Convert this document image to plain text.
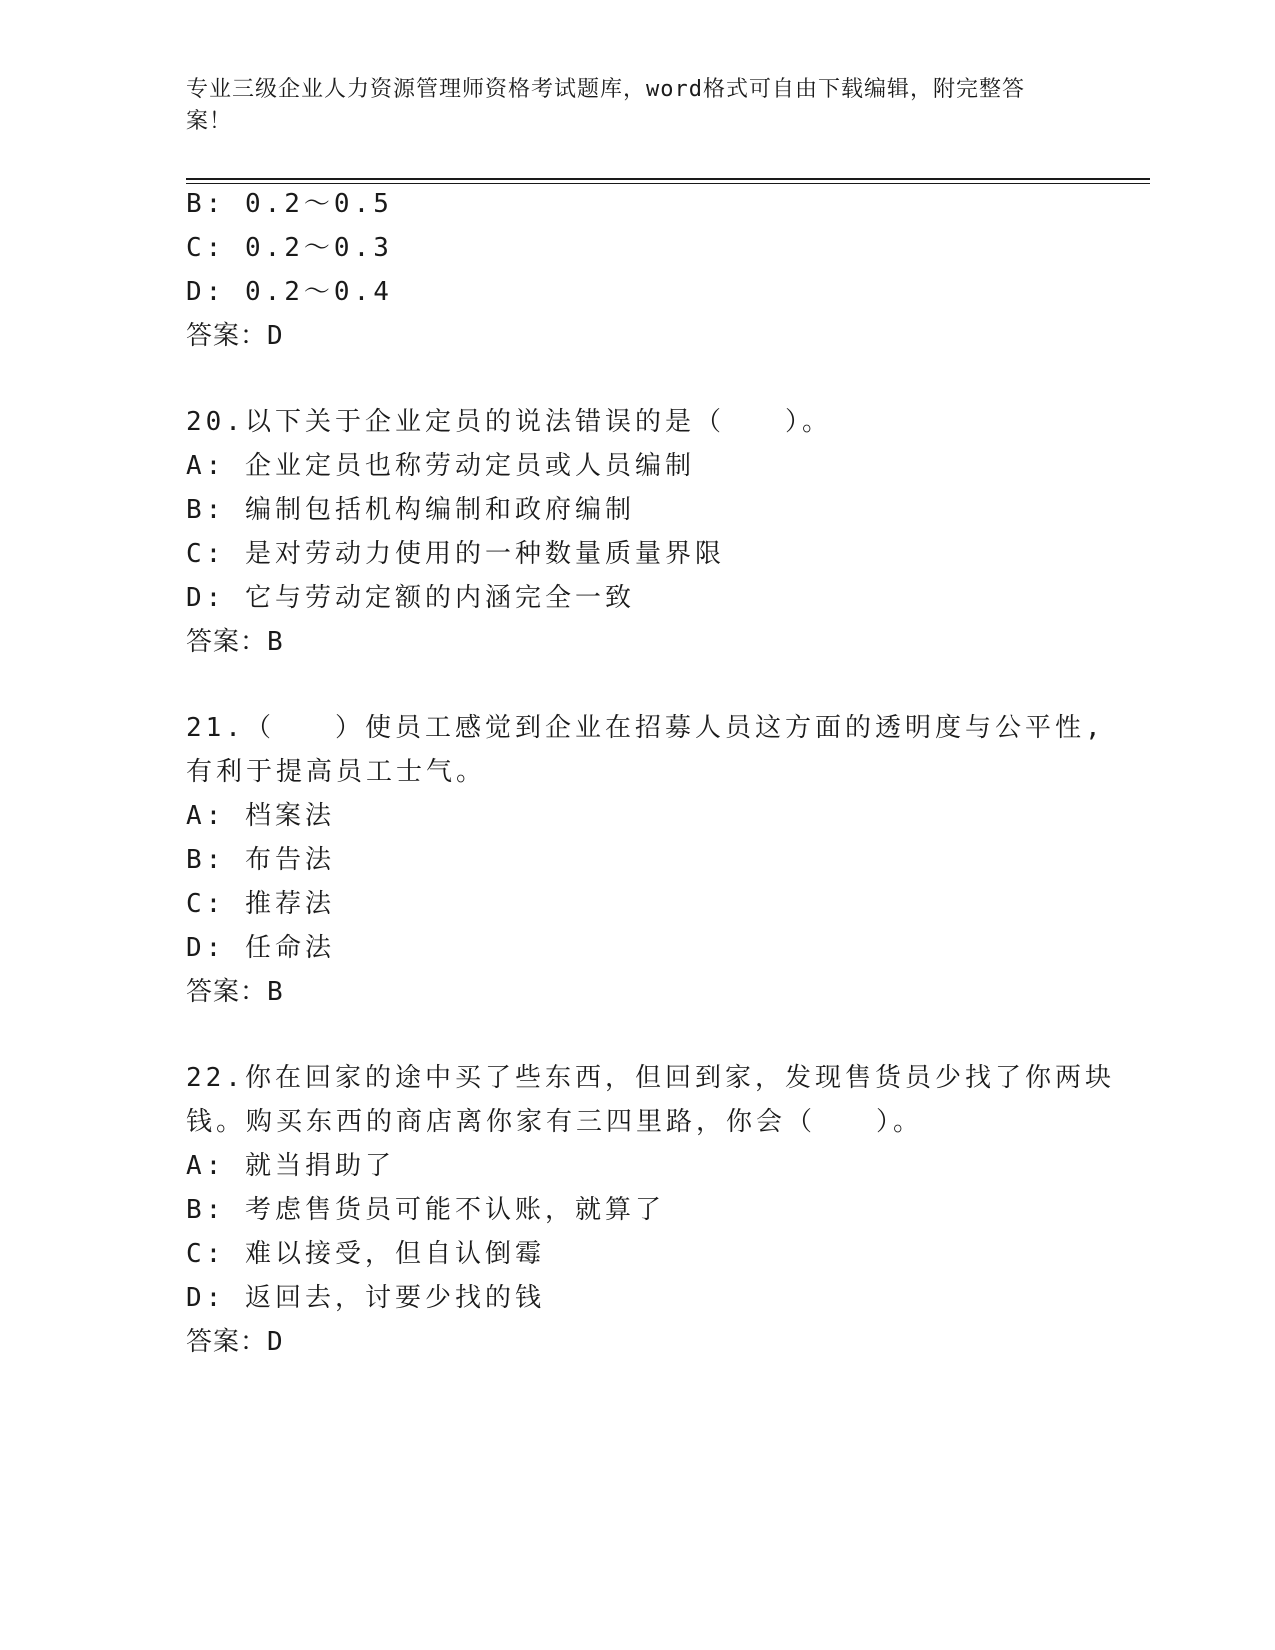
专业三级企业人力资源管理师资格考试题库，word格式可自由下载编辑，附完整答案！
B: 0.2～0.5
C: 0.2～0.3
D: 0.2～0.4
答案：D
20.以下关于企业定员的说法错误的是（　　）。
A: 企业定员也称劳动定员或人员编制
B: 编制包括机构编制和政府编制
C: 是对劳动力使用的一种数量质量界限
D: 它与劳动定额的内涵完全一致
答案：B
21.（　　）使员工感觉到企业在招募人员这方面的透明度与公平性,
有利于提高员工士气。
A: 档案法
B: 布告法
C: 推荐法
D: 任命法
答案：B
22.你在回家的途中买了些东西，但回到家，发现售货员少找了你两块
钱。购买东西的商店离你家有三四里路，你会（　　）。
A: 就当捐助了
B: 考虑售货员可能不认账，就算了
C: 难以接受，但自认倒霉
D: 返回去，讨要少找的钱
答案：D
